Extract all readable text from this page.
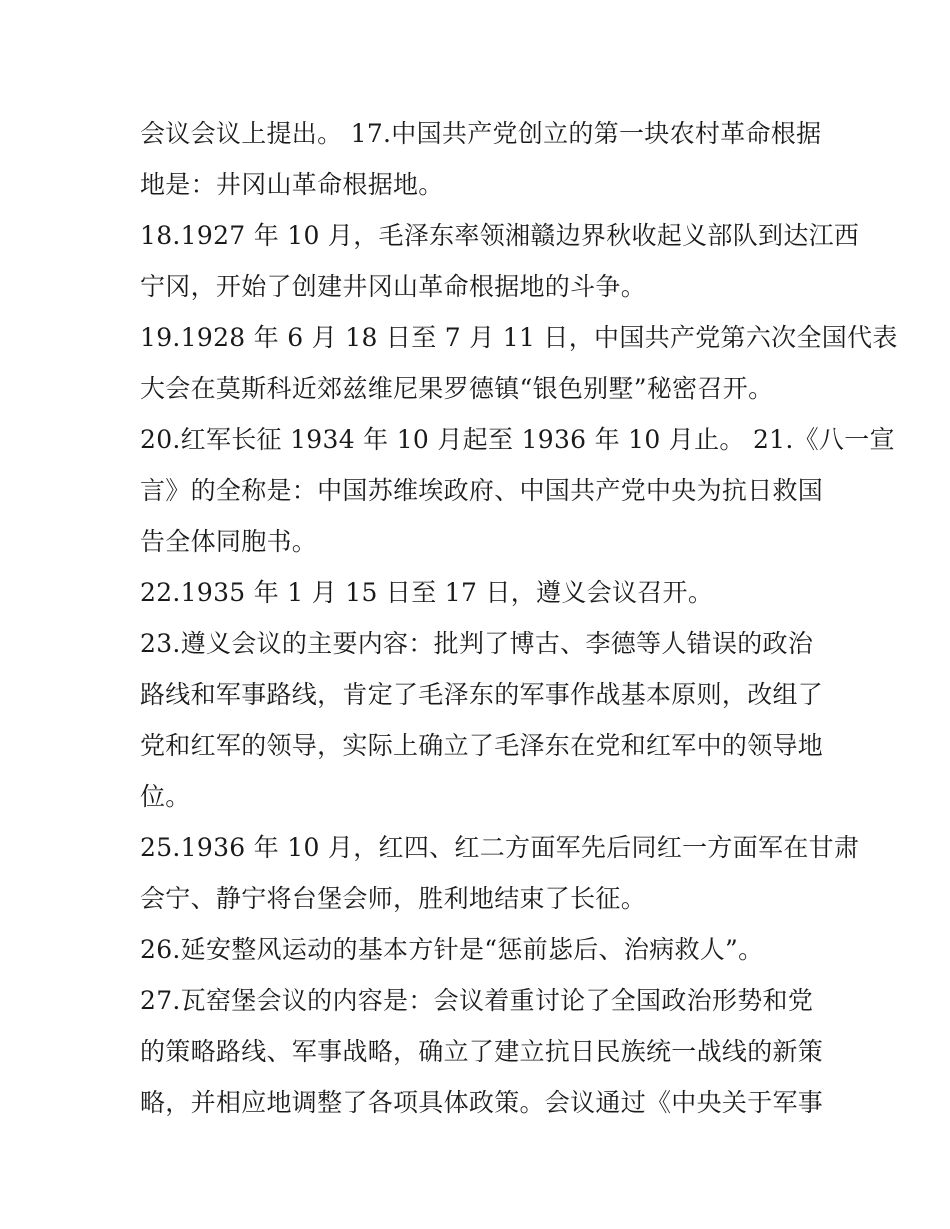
会议会议上提出。 17.中国共产党创立的第一块农村革命根据
地是：井冈山革命根据地。
18.1927 年 10 月，毛泽东率领湘赣边界秋收起义部队到达江西
宁冈，开始了创建井冈山革命根据地的斗争。
19.1928 年 6 月 18 日至 7 月 11 日，中国共产党第六次全国代表
大会在莫斯科近郊兹维尼果罗德镇“银色别墅”秘密召开。
20.红军长征 1934 年 10 月起至 1936 年 10 月止。 21.《八一宣
言》的全称是：中国苏维埃政府、中国共产党中央为抗日救国
告全体同胞书。
22.1935 年 1 月 15 日至 17 日，遵义会议召开。
23.遵义会议的主要内容：批判了博古、李德等人错误的政治
路线和军事路线，肯定了毛泽东的军事作战基本原则，改组了
党和红军的领导，实际上确立了毛泽东在党和红军中的领导地
位。
25.1936 年 10 月，红四、红二方面军先后同红一方面军在甘肃
会宁、静宁将台堡会师，胜利地结束了长征。
26.延安整风运动的基本方针是“惩前毖后、治病救人”。
27.瓦窑堡会议的内容是：会议着重讨论了全国政治形势和党
的策略路线、军事战略，确立了建立抗日民族统一战线的新策
略，并相应地调整了各项具体政策。会议通过《中央关于军事
